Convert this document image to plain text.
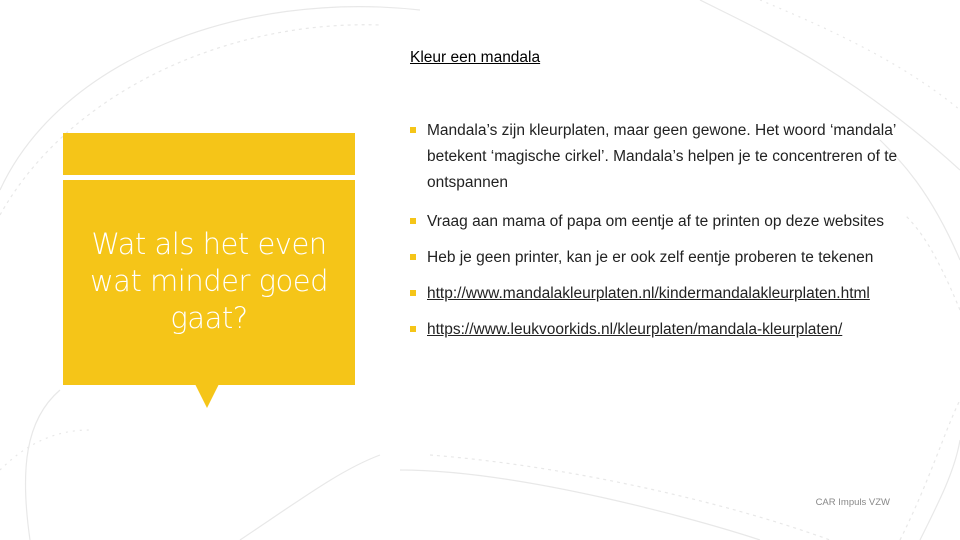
Wat als het even wat minder goed gaat?
Kleur een mandala
Mandala’s zijn kleurplaten, maar geen gewone. Het woord ‘mandala’ betekent ‘magische cirkel’. Mandala’s helpen je te concentreren of te ontspannen
Vraag aan mama of papa om eentje af te printen op deze websites
Heb je geen printer, kan je er ook zelf eentje proberen te tekenen
http://www.mandalakleurplaten.nl/kindermandalakleurplaten.html
https://www.leukvoorkids.nl/kleurplaten/mandala-kleurplaten/
CAR Impuls VZW
